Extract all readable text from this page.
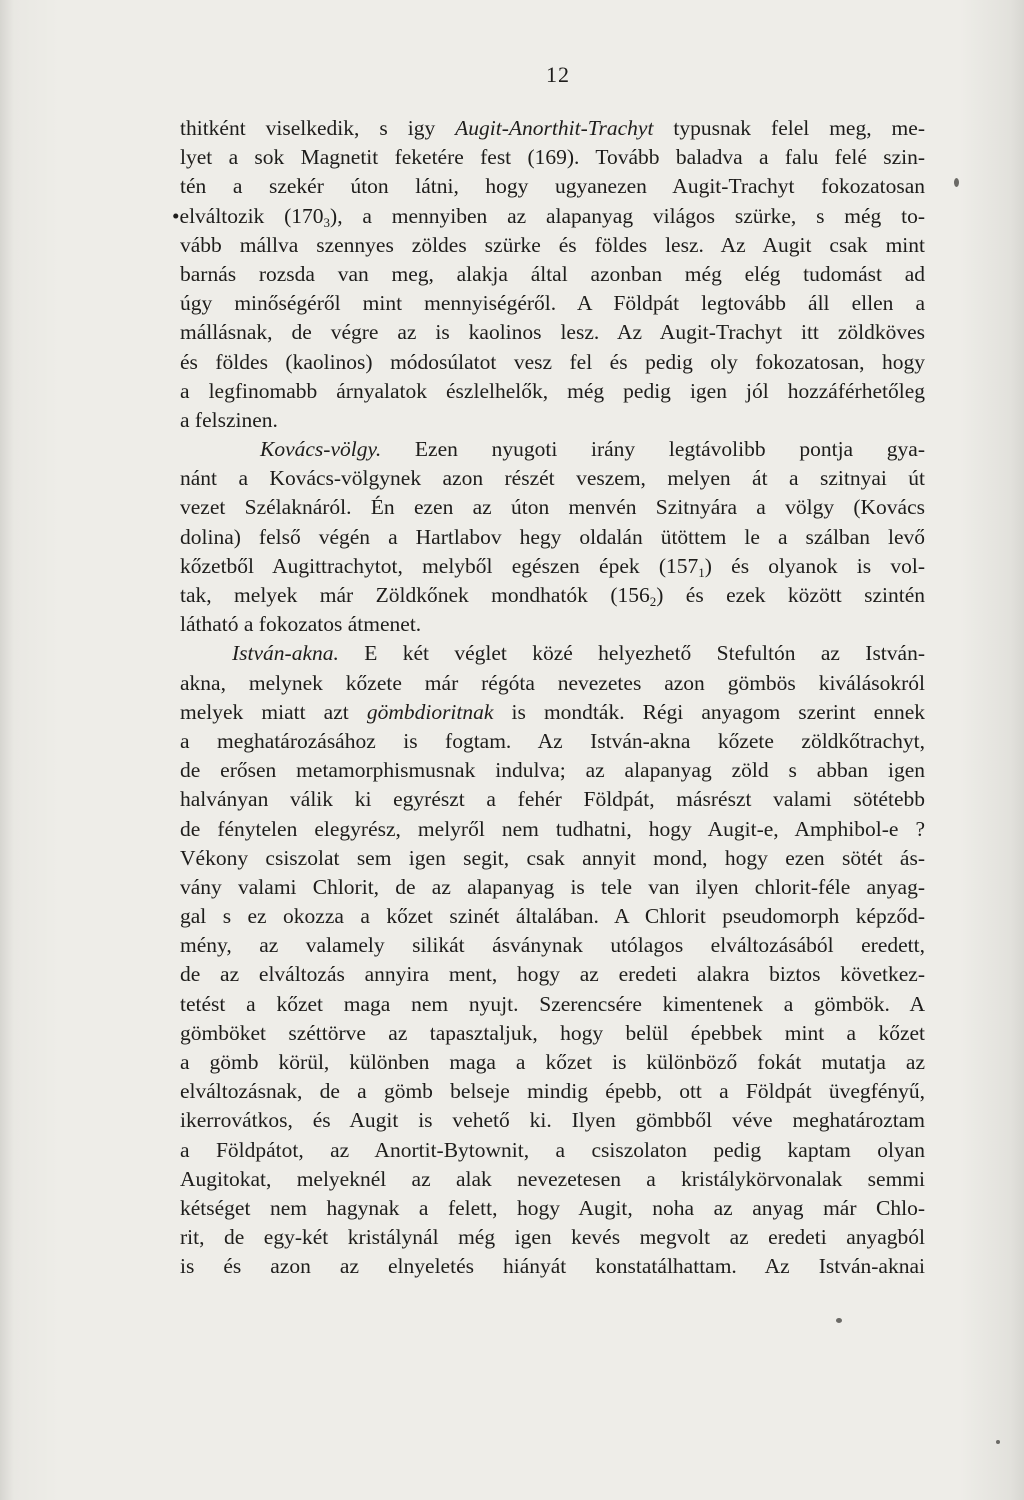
12
thitként viselkedik, s igy Augit-Anorthit-Trachyt typusnak felel meg, me-
lyet a sok Magnetit feketére fest (169). Tovább baladva a falu felé szin-
tén a szekér úton látni, hogy ugyanezen Augit-Trachyt fokozatosan
•elváltozik $(170_3)$, a mennyiben az alapanyag világos szürke, s még to-
vább mállva szennyes zöldes szürke és földes lesz. Az Augit csak mint
barnás rozsda van meg, alakja által azonban még elég tudomást ad
úgy minőségéről mint mennyiségéről. A Földpát legtovább áll ellen a
mállásnak, de végre az is kaolinos lesz. Az Augit-Trachyt itt zöldköves
és földes (kaolinos) módosúlatot vesz fel és pedig oly fokozatosan, hogy
a legfinomabb árnyalatok észlelhelők, még pedig igen jól hozzáférhetőleg
a felszinen.
Kovács-völgy. Ezen nyugoti irány legtávolibb pontja gya-
nánt a Kovács-völgynek azon részét veszem, melyen át a szitnyai út
vezet Szélaknáról. Én ezen az úton menvén Szitnyára a völgy (Kovács
dolina) felső végén a Hartlabov hegy oldalán ütöttem le a szálban levő
kőzetből Augittrachytot, melyből egészen épek $(157_1)$ és olyanok is vol-
tak, melyek már Zöldkőnek mondhatók $(156_2)$ és ezek között szintén
látható a fokozatos átmenet.
István-akna. E két véglet közé helyezhető Stefultón az István-
akna, melynek kőzete már régóta nevezetes azon gömbös kiválásokról
melyek miatt azt gömbdioritnak is mondták. Régi anyagom szerint ennek
a meghatározásához is fogtam. Az István-akna kőzete zöldkőtrachyt,
de erősen metamorphismusnak indulva; az alapanyag zöld s abban igen
halványan válik ki egyrészt a fehér Földpát, másrészt valami sötétebb
de fénytelen elegyrész, melyről nem tudhatni, hogy Augit-e, Amphibol-e ?
Vékony csiszolat sem igen segit, csak annyit mond, hogy ezen sötét ás-
vány valami Chlorit, de az alapanyag is tele van ilyen chlorit-féle anyag-
gal s ez okozza a kőzet szinét általában. A Chlorit pseudomorph képződ-
mény, az valamely silikát ásványnak utólagos elváltozásából eredett,
de az elváltozás annyira ment, hogy az eredeti alakra biztos következ-
tetést a kőzet maga nem nyujt. Szerencsére kimentenek a gömbök. A
gömböket széttörve az tapasztaljuk, hogy belül épebbek mint a kőzet
a gömb körül, különben maga a kőzet is különböző fokát mutatja az
elváltozásnak, de a gömb belseje mindig épebb, ott a Földpát üvegfényű,
ikerrovátkos, és Augit is vehető ki. Ilyen gömbből véve meghatároztam
a Földpátot, az Anortit-Bytownit, a csiszolaton pedig kaptam olyan
Augitokat, melyeknél az alak nevezetesen a kristálykörvonalak semmi
kétséget nem hagynak a felett, hogy Augit, noha az anyag már Chlo-
rit, de egy-két kristálynál még igen kevés megvolt az eredeti anyagból
is és azon az elnyeletés hiányát konstatálhattam. Az István-aknai
